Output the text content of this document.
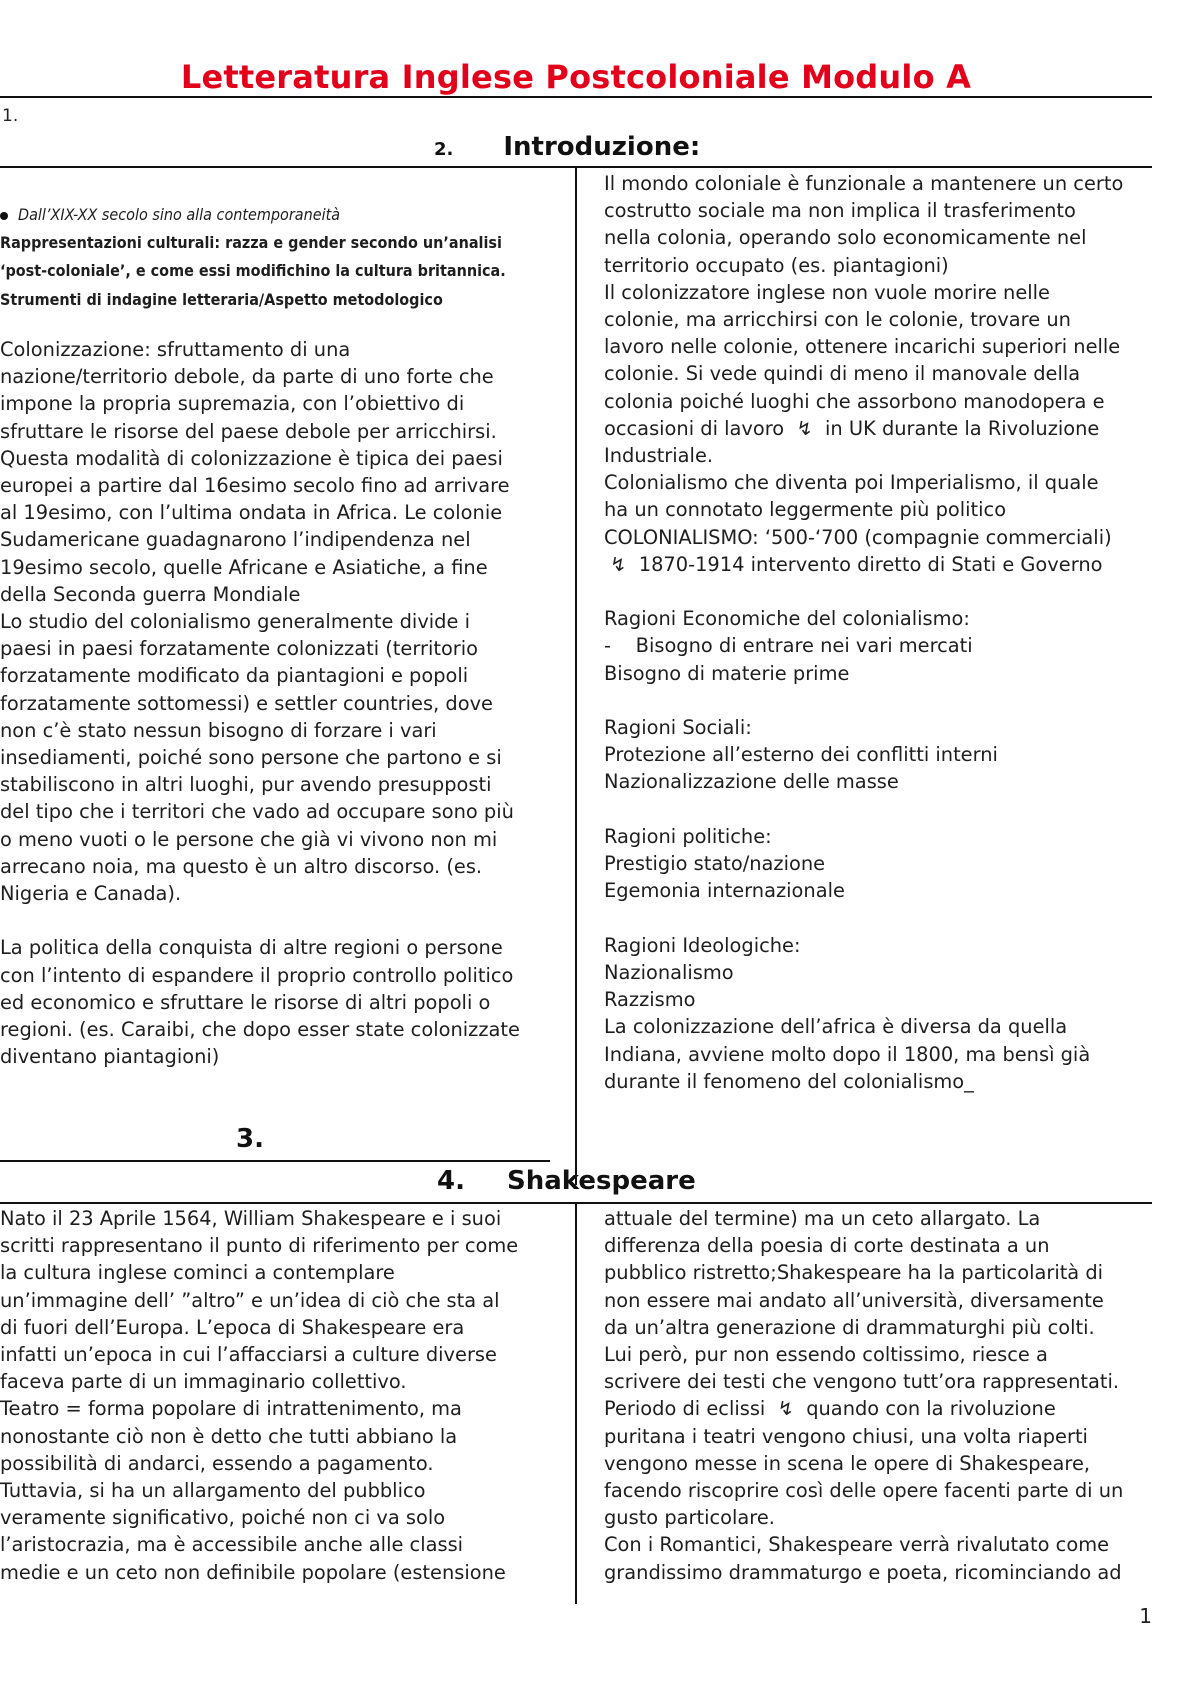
Letteratura Inglese Postcoloniale Modulo A
1.
2. Introduzione:

Dall’XIX-XX secolo sino alla contemporaneità

Rappresentazioni culturali: razza e gender secondo un’analisi

‘post-coloniale’, e come essi modifichino la cultura britannica.

Strumenti di indagine letteraria/Aspetto metodologico

Colonizzazione: sfruttamento di una

nazione/territorio debole, da parte di uno forte che

impone la propria supremazia, con l’obiettivo di

sfruttare le risorse del paese debole per arricchirsi.

Questa modalità di colonizzazione è tipica dei paesi

europei a partire dal 16esimo secolo fino ad arrivare

al 19esimo, con l’ultima ondata in Africa. Le colonie

Sudamericane guadagnarono l’indipendenza nel

19esimo secolo, quelle Africane e Asiatiche, a fine

della Seconda guerra Mondiale

Lo studio del colonialismo generalmente divide i

paesi in paesi forzatamente colonizzati (territorio

forzatamente modificato da piantagioni e popoli

forzatamente sottomessi) e settler countries, dove

non c’è stato nessun bisogno di forzare i vari

insediamenti, poiché sono persone che partono e si

stabiliscono in altri luoghi, pur avendo presupposti

del tipo che i territori che vado ad occupare sono più

o meno vuoti o le persone che già vi vivono non mi

arrecano noia, ma questo è un altro discorso. (es.

Nigeria e Canada).

La politica della conquista di altre regioni o persone

con l’intento di espandere il proprio controllo politico

ed economico e sfruttare le risorse di altri popoli o

regioni. (es. Caraibi, che dopo esser state colonizzate

diventano piantagioni)

Il mondo coloniale è funzionale a mantenere un certo

costrutto sociale ma non implica il trasferimento

nella colonia, operando solo economicamente nel

territorio occupato (es. piantagioni)

Il colonizzatore inglese non vuole morire nelle

colonie, ma arricchirsi con le colonie, trovare un

lavoro nelle colonie, ottenere incarichi superiori nelle

colonie. Si vede quindi di meno il manovale della

colonia poiché luoghi che assorbono manodopera e

occasioni di lavoro  ↯  in UK durante la Rivoluzione

Industriale.

Colonialismo che diventa poi Imperialismo, il quale

ha un connotato leggermente più politico

COLONIALISMO: ‘500-‘700 (compagnie commerciali)

↯  1870-1914 intervento diretto di Stati e Governo

Ragioni Economiche del colonialismo:

-    Bisogno di entrare nei vari mercati

Bisogno di materie prime

Ragioni Sociali:

Protezione all’esterno dei conflitti interni

Nazionalizzazione delle masse

Ragioni politiche:

Prestigio stato/nazione

Egemonia internazionale

Ragioni Ideologiche:

Nazionalismo

Razzismo

La colonizzazione dell’africa è diversa da quella

Indiana, avviene molto dopo il 1800, ma bensì già

durante il fenomeno del colonialismo_

3.
4. Shakespeare

Nato il 23 Aprile 1564, William Shakespeare e i suoi

scritti rappresentano il punto di riferimento per come

la cultura inglese cominci a contemplare

un’immagine dell’ ”altro” e un’idea di ciò che sta al

di fuori dell’Europa. L’epoca di Shakespeare era

infatti un’epoca in cui l’affacciarsi a culture diverse

faceva parte di un immaginario collettivo.

Teatro = forma popolare di intrattenimento, ma

nonostante ciò non è detto che tutti abbiano la

possibilità di andarci, essendo a pagamento.

Tuttavia, si ha un allargamento del pubblico

veramente significativo, poiché non ci va solo

l’aristocrazia, ma è accessibile anche alle classi

medie e un ceto non definibile popolare (estensione

attuale del termine) ma un ceto allargato. La

differenza della poesia di corte destinata a un

pubblico ristretto;Shakespeare ha la particolarità di

non essere mai andato all’università, diversamente

da un’altra generazione di drammaturghi più colti.

Lui però, pur non essendo coltissimo, riesce a

scrivere dei testi che vengono tutt’ora rappresentati.

Periodo di eclissi  ↯  quando con la rivoluzione

puritana i teatri vengono chiusi, una volta riaperti

vengono messe in scena le opere di Shakespeare,

facendo riscoprire così delle opere facenti parte di un

gusto particolare.

Con i Romantici, Shakespeare verrà rivalutato come

grandissimo drammaturgo e poeta, ricominciando ad

1
